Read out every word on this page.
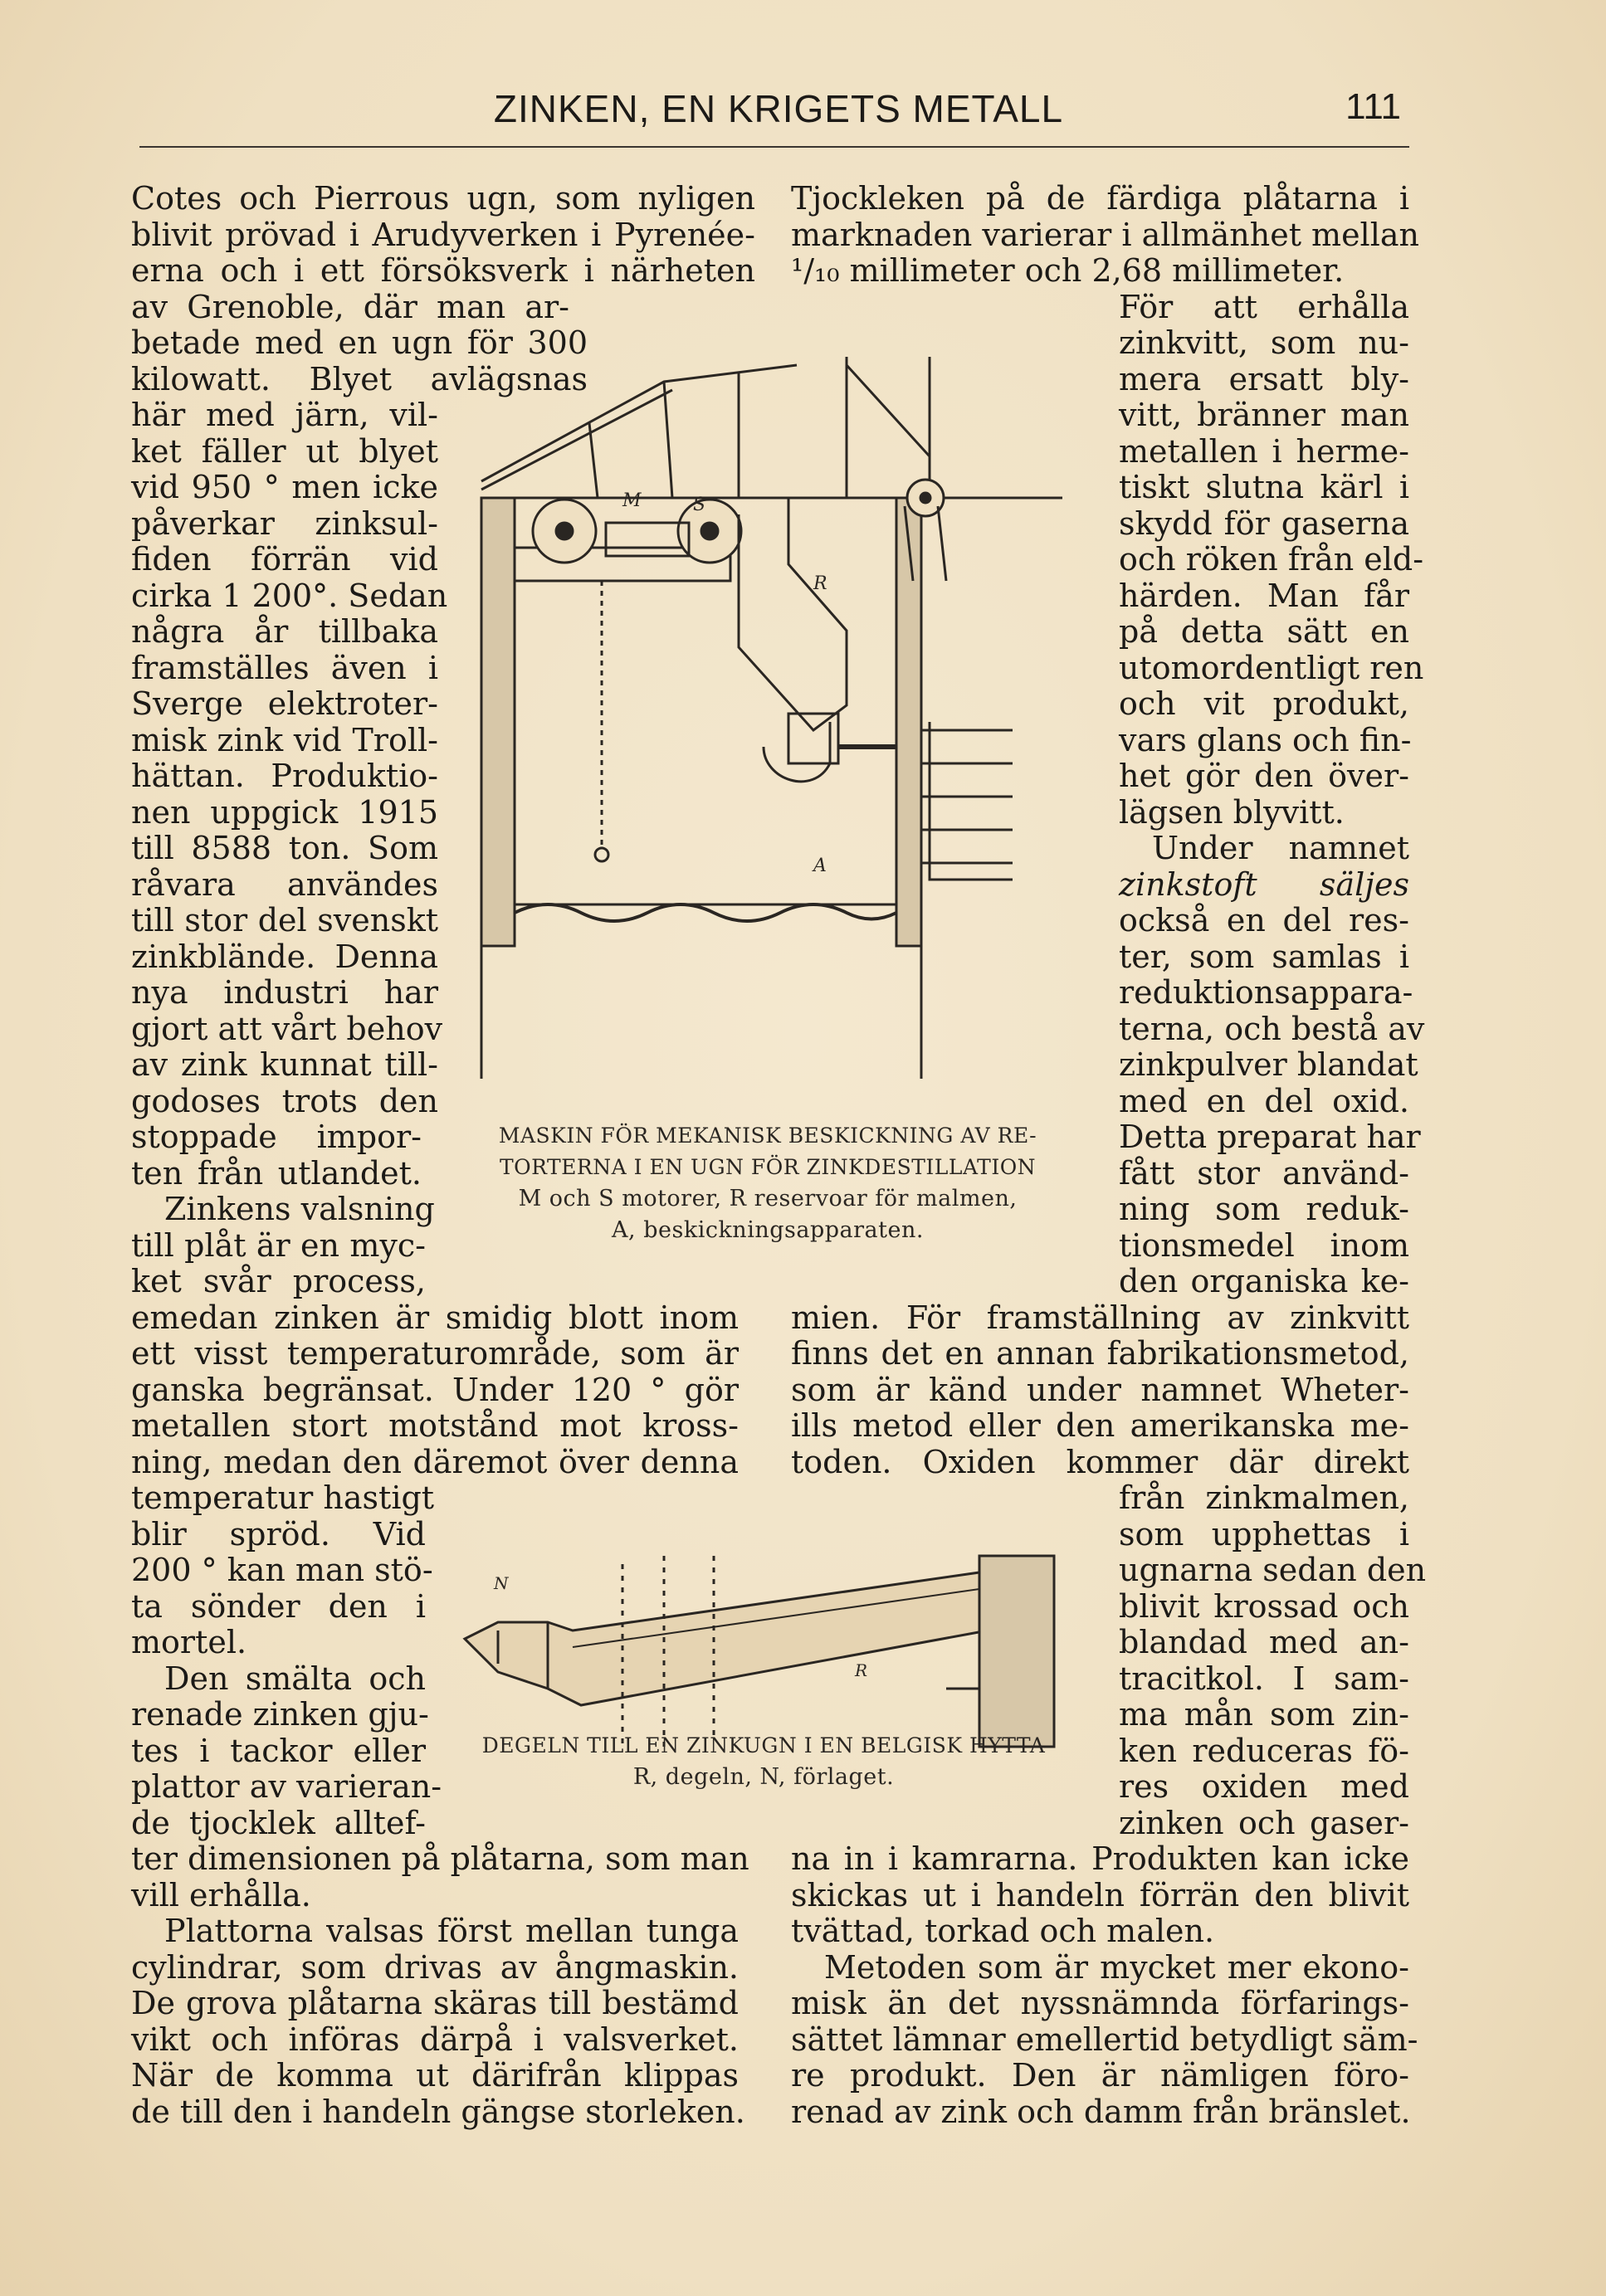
ZINKEN, EN KRIGETS METALL	111
Cotes och Pierrous ugn, som nyligen
blivit prövad i Arudyverken i Pyrenée-
erna och i ett försöksverk i närheten
av Grenoble, där man ar-
betade med en ugn för 300
kilowatt. Blyet avlägsnas
här med järn, vil-
ket fäller ut blyet
vid 950 ° men icke
påverkar zinksul-
fiden förrän vid
cirka 1 200°. Sedan
några år tillbaka
framställes även i
Sverge elektroter-
misk zink vid Troll-
hättan. Produktio-
nen uppgick 1915
till 8588 ton. Som
råvara användes
till stor del svenskt
zinkblände. Denna
nya industri har
gjort att vårt behov
av zink kunnat till-
godoses trots den
stoppade impor-
ten från utlandet.
Zinkens valsning
till plåt är en myc-
ket svår process,
emedan zinken är smidig blott inom
ett visst temperaturområde, som är
ganska begränsat. Under 120 ° gör
metallen stort motstånd mot kross-
ning, medan den däremot över denna
temperatur hastigt
blir spröd. Vid
200 ° kan man stö-
ta sönder den i
mortel.
Den smälta och
renade zinken gju-
tes i tackor eller
plattor av varieran-
de tjocklek alltef-
ter dimensionen på plåtarna, som man
vill erhålla.
Plattorna valsas först mellan tunga
cylindrar, som drivas av ångmaskin.
De grova plåtarna skäras till bestämd
vikt och införas därpå i valsverket.
När de komma ut därifrån klippas
de till den i handeln gängse storleken.
Tjockleken på de färdiga plåtarna i
marknaden varierar i allmänhet mellan
¹/₁₀ millimeter och 2,68 millimeter.
För att erhålla
zinkvitt, som nu-
mera ersatt bly-
vitt, bränner man
metallen i herme-
tiskt slutna kärl i
skydd för gaserna
och röken från eld-
härden. Man får
på detta sätt en
utomordentligt ren
och vit produkt,
vars glans och fin-
het gör den över-
lägsen blyvitt.
Under namnet
zinkstoft säljes
också en del res-
ter, som samlas i
reduktionsappara-
terna, och bestå av
zinkpulver blandat
med en del oxid.
Detta preparat har
fått stor använd-
ning som reduk-
tionsmedel inom
den organiska ke-
mien. För framställning av zinkvitt
finns det en annan fabrikationsmetod,
som är känd under namnet Wheter-
ills metod eller den amerikanska me-
toden. Oxiden kommer där direkt
från zinkmalmen,
som upphettas i
ugnarna sedan den
blivit krossad och
blandad med an-
tracitkol. I sam-
ma mån som zin-
ken reduceras fö-
res oxiden med
zinken och gaser-
na in i kamrarna. Produkten kan icke
skickas ut i handeln förrän den blivit
tvättad, torkad och malen.
Metoden som är mycket mer ekono-
misk än det nyssnämnda förfarings-
sättet lämnar emellertid betydligt säm-
re produkt. Den är nämligen föro-
renad av zink och damm från bränslet.
M	S
R
A
MASKIN FÖR MEKANISK BESKICKNING AV RE-
TORTERNA I EN UGN FÖR ZINKDESTILLATION
M och S motorer, R reservoar för malmen,
A, beskickningsapparaten.
N
R
DEGELN TILL EN ZINKUGN I EN BELGISK HYTTA
R, degeln, N, förlaget.
